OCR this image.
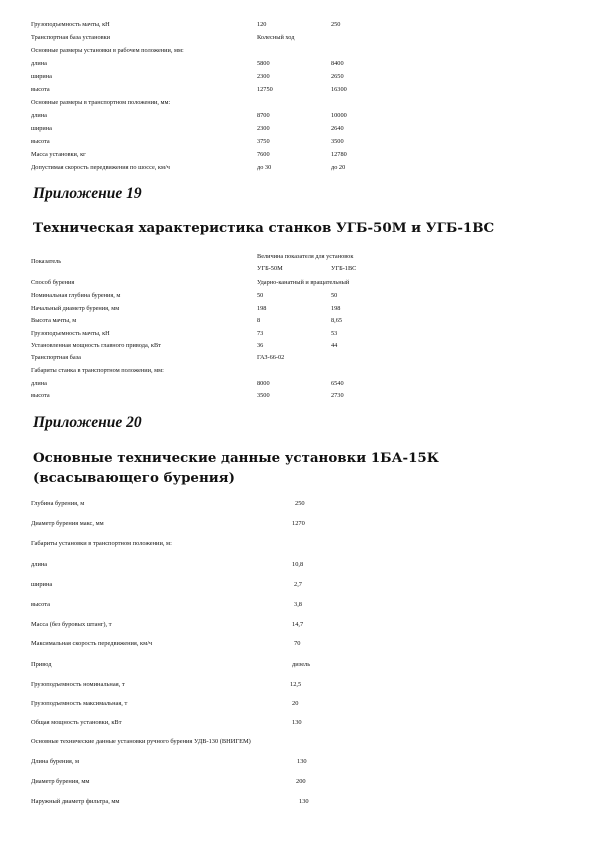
Грузоподъемность мачты, кН	120	250
Транспортная база установки	Колесный ход
Основные размеры установки в рабочем положении, мм:
длина	5800	8400
ширина	2300	2650
высота	12750	16300
Основные размеры в транспортном положении, мм:
длина	8700	10000
ширина	2300	2640
высота	3750	3500
Масса установки, кг	7600	12780
Допустимая скорость передвижения по шоссе, км/ч	до 30	до 20
Приложение 19
Техническая характеристика станков УГБ-50М и УГБ-1ВС
Показатель
Величина показателя для установок
УГБ-50М	УГБ-1ВС
Способ бурения	Ударно-канатный и вращательный
Номинальная глубина бурения, м	50	50
Начальный диаметр бурения, мм	198	198
Высота мачты, м	8	8,65
Грузоподъемность мачты, кН	73	53
Установленная мощность главного привода, кВт	36	44
Транспортная база	ГАЗ-66-02
Габариты станка в транспортном положении, мм:
длина	8000	6540
высота	3500	2730
Приложение 20
Основные технические данные установки 1БА-15К
(всасывающего бурения)
Глубина бурения, м	250
Диаметр бурения макс, мм	1270
Габариты установки в транспортном положении, м:
длина	10,8
ширина	2,7
высота	3,8
Масса (без буровых штанг), т	14,7
Максимальная скорость передвижения, км/ч	70
Привод	дизель
Грузоподъемность номинальная, т	12,5
Грузоподъемность максимальная, т	20
Общая мощность установки, кВт	130
Основные технические данные установки ручного бурения УДВ-130 (ВНИГЕМ)
Длина бурения, м	130
Диаметр бурения, мм	200
Наружный диаметр фильтра, мм	130
